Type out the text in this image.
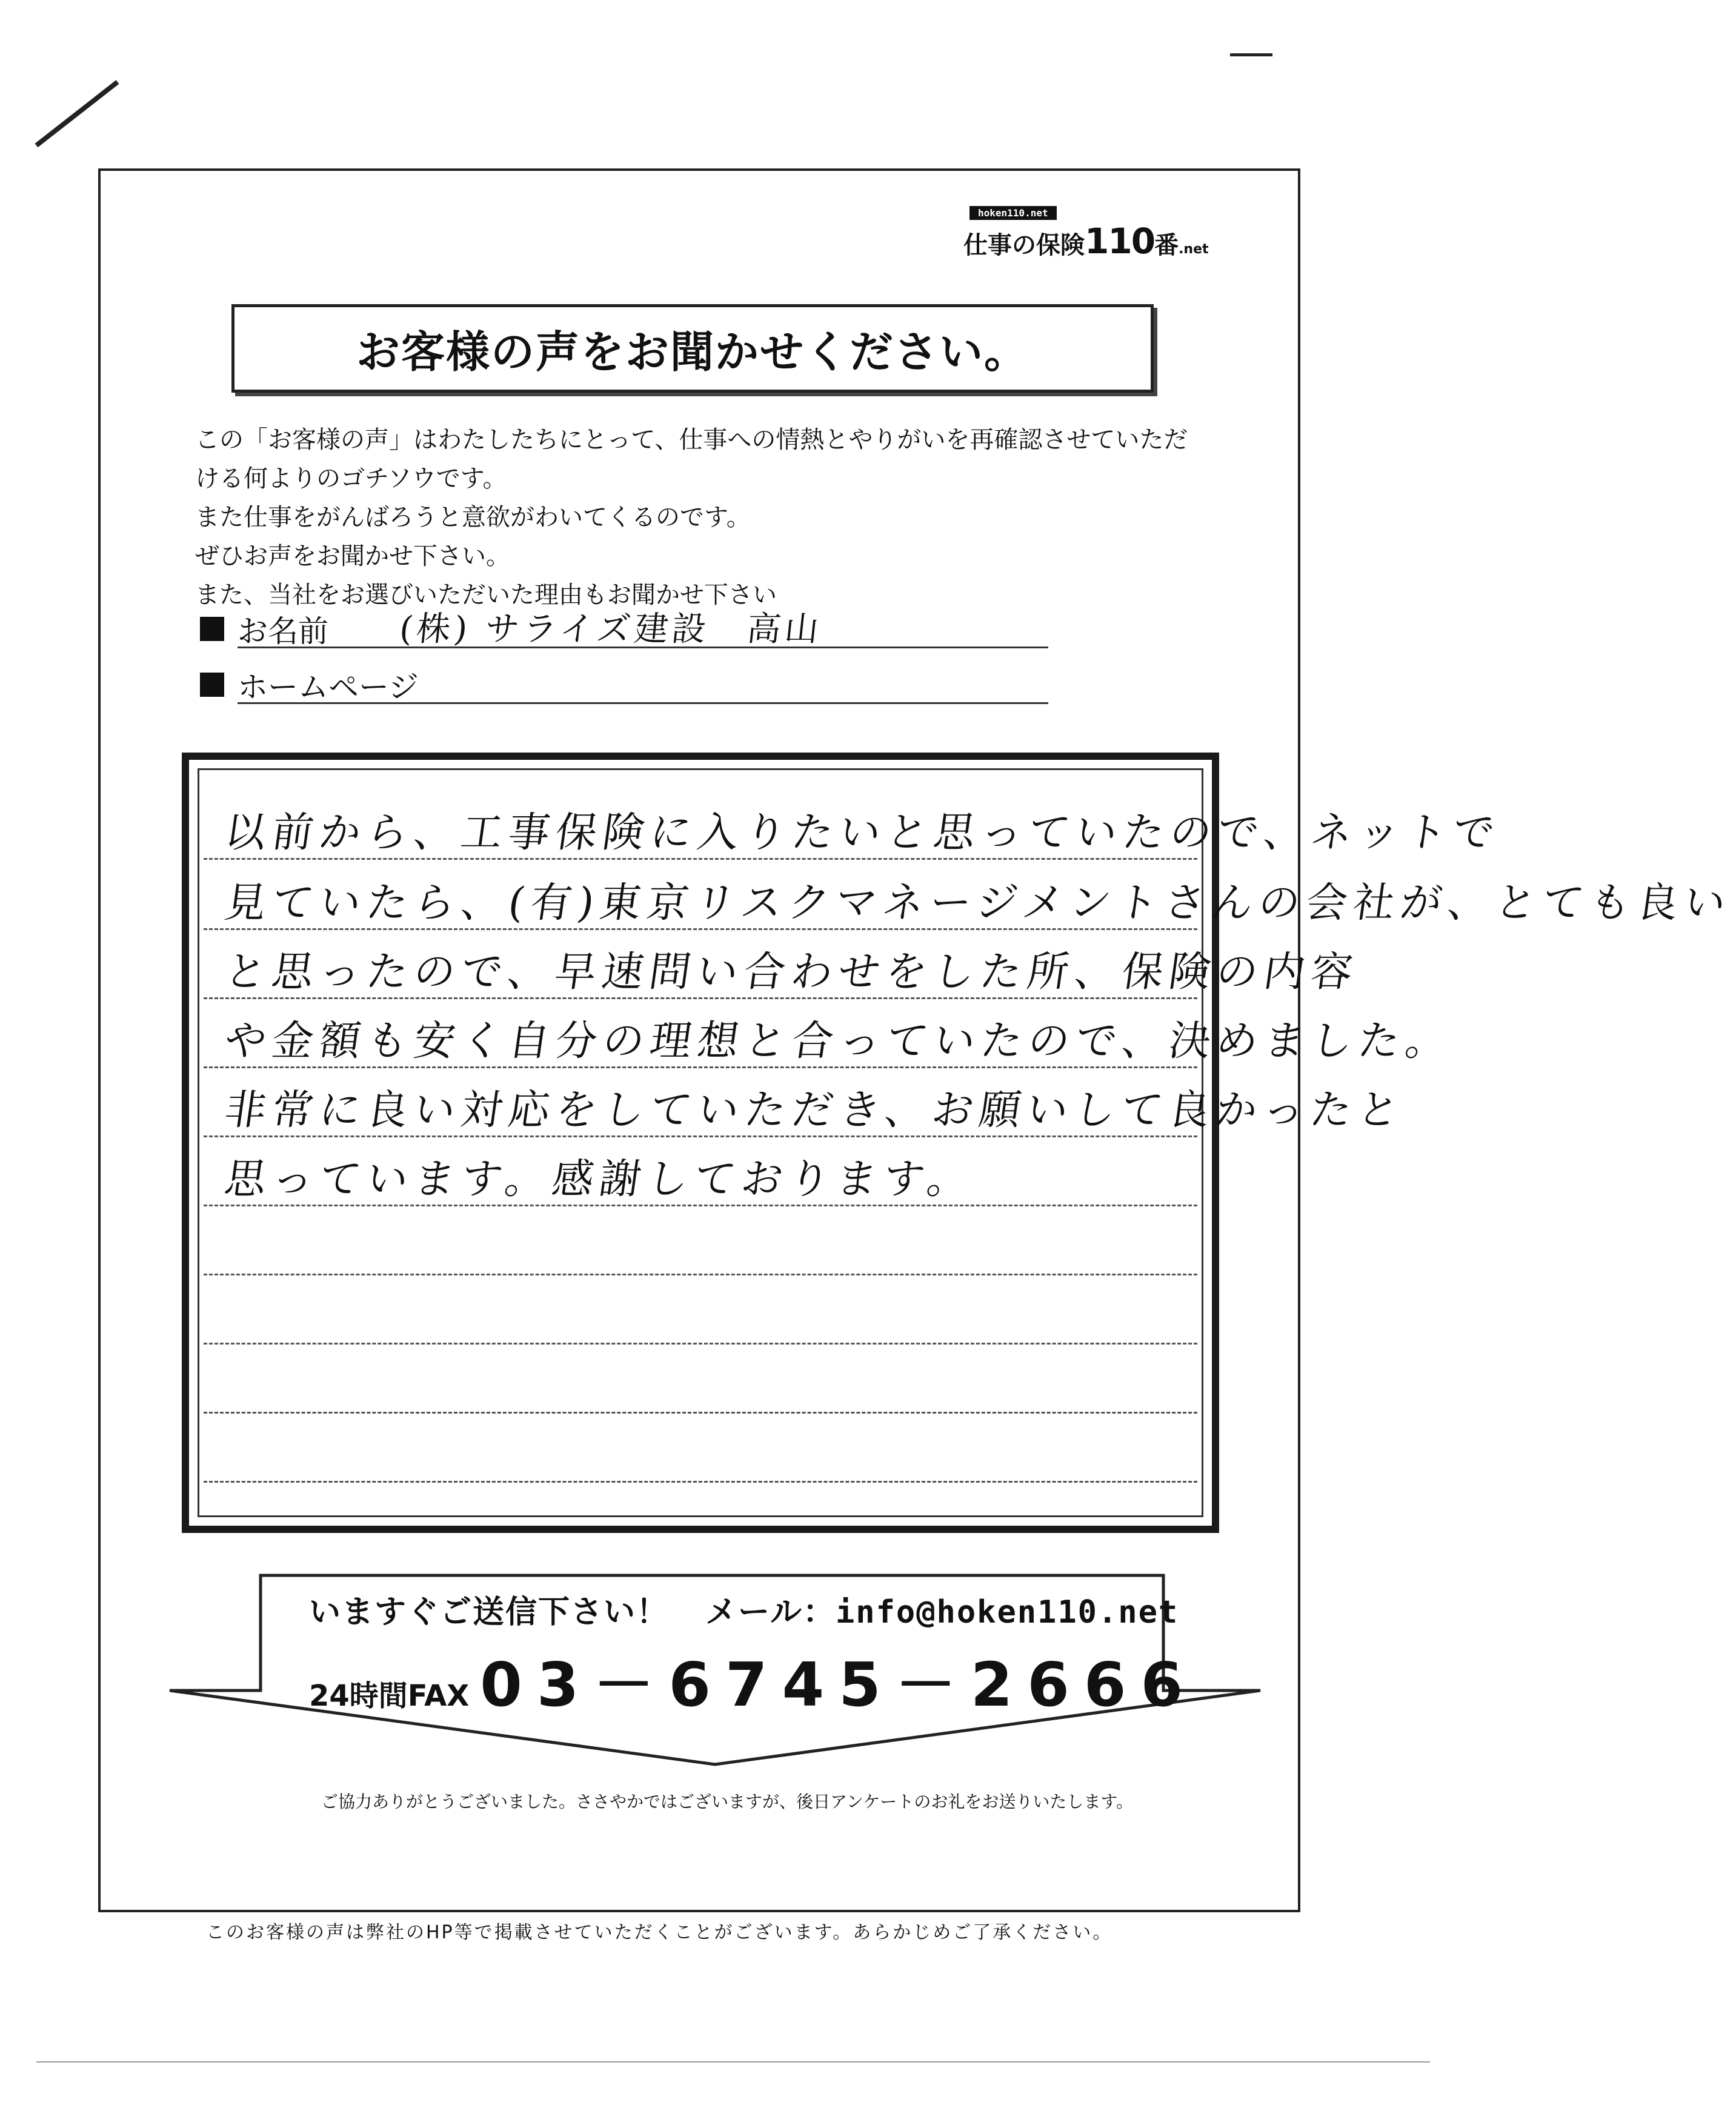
hoken110.net
仕事の保険110番.net
お客様の声をお聞かせください。
この「お客様の声」はわたしたちにとって、仕事への情熱とやりがいを再確認させていただ
ける何よりのゴチソウです。
また仕事をがんばろうと意欲がわいてくるのです。
ぜひお声をお聞かせ下さい。
また、当社をお選びいただいた理由もお聞かせ下さい
お名前 (株) サライズ建設　高山
ホームページ
以前から、工事保険に入りたいと思っていたので、ネットで
見ていたら、(有)東京リスクマネージメントさんの会社が、とても良い
と思ったので、早速問い合わせをした所、保険の内容
や金額も安く自分の理想と合っていたので、決めました。
非常に良い対応をしていただき、お願いして良かったと
思っています。感謝しております。
いますぐご送信下さい！ メール：info@hoken110.net
24時間FAX 03－6745－2666
ご協力ありがとうございました。ささやかではございますが、後日アンケートのお礼をお送りいたします。
このお客様の声は弊社のHP等で掲載させていただくことがございます。あらかじめご了承ください。
